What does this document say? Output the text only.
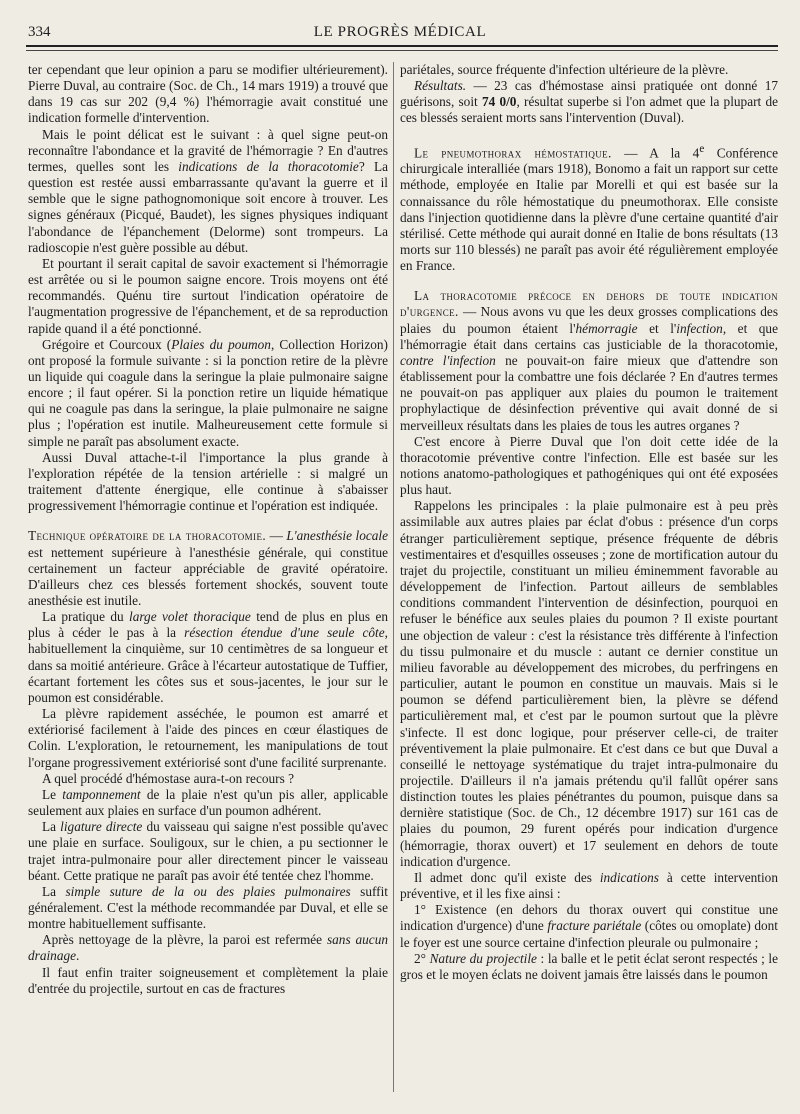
334	LE PROGRÈS MÉDICAL

ter cependant que leur opinion a paru se modifier ultérieurement). Pierre Duval, au contraire (Soc. de Ch., 14 mars 1919) a trouvé que dans 19 cas sur 202 (9,4 %) l'hémorragie avait constitué une indication formelle d'intervention.

Mais le point délicat est le suivant : à quel signe peut-on reconnaître l'abondance et la gravité de l'hémorragie ? En d'autres termes, quelles sont les indications de la thoracotomie? La question est restée aussi embarrassante qu'avant la guerre et il semble que le signe pathognomonique soit encore à trouver. Les signes généraux (Picqué, Baudet), les signes physiques indiquant l'abondance de l'épanchement (Delorme) sont trompeurs. La radioscopie n'est guère possible au début.

Et pourtant il serait capital de savoir exactement si l'hémorragie est arrêtée ou si le poumon saigne encore. Trois moyens ont été recommandés. Quénu tire surtout l'indication opératoire de l'augmentation progressive de l'épanchement, et de sa reproduction rapide quand il a été ponctionné.

Grégoire et Courcoux (Plaies du poumon, Collection Horizon) ont proposé la formule suivante : si la ponction retire de la plèvre un liquide qui coagule dans la seringue la plaie pulmonaire saigne encore ; il faut opérer. Si la ponction retire un liquide hématique qui ne coagule pas dans la seringue, la plaie pulmonaire ne saigne plus ; l'opération est inutile. Malheureusement cette formule si simple ne paraît pas absolument exacte.

Aussi Duval attache-t-il l'importance la plus grande à l'exploration répétée de la tension artérielle : si malgré un traitement d'attente énergique, elle continue à s'abaisser progressivement l'hémorragie continue et l'opération est indiquée.

Technique opératoire de la thoracotomie. — L'anesthésie locale est nettement supérieure à l'anesthésie générale, qui constitue certainement un facteur appréciable de gravité opératoire. D'ailleurs chez ces blessés fortement shockés, souvent toute anesthésie est inutile.

La pratique du large volet thoracique tend de plus en plus en plus à céder le pas à la résection étendue d'une seule côte, habituellement la cinquième, sur 10 centimètres de sa longueur et dans sa moitié antérieure. Grâce à l'écarteur autostatique de Tuffier, écartant fortement les côtes sus et sous-jacentes, le jour sur le poumon est considérable.

La plèvre rapidement asséchée, le poumon est amarré et extériorisé facilement à l'aide des pinces en cœur élastiques de Colin. L'exploration, le retournement, les manipulations de tout l'organe progressivement extériorisé sont d'une facilité surprenante.

A quel procédé d'hémostase aura-t-on recours ?

Le tamponnement de la plaie n'est qu'un pis aller, applicable seulement aux plaies en surface d'un poumon adhérent.

La ligature directe du vaisseau qui saigne n'est possible qu'avec une plaie en surface. Souligoux, sur le chien, a pu sectionner le trajet intra-pulmonaire pour aller directement pincer le vaisseau béant. Cette pratique ne paraît pas avoir été tentée chez l'homme.

La simple suture de la ou des plaies pulmonaires suffit généralement. C'est la méthode recommandée par Duval, et elle se montre habituellement suffisante.

Après nettoyage de la plèvre, la paroi est refermée sans aucun drainage.

Il faut enfin traiter soigneusement et complètement la plaie d'entrée du projectile, surtout en cas de fractures

pariétales, source fréquente d'infection ultérieure de la plèvre.

Résultats. — 23 cas d'hémostase ainsi pratiquée ont donné 17 guérisons, soit 74 0/0, résultat superbe si l'on admet que la plupart de ces blessés seraient morts sans l'intervention (Duval).

Le pneumothorax hémostatique. — A la 4e Conférence chirurgicale interalliée (mars 1918), Bonomo a fait un rapport sur cette méthode, employée en Italie par Morelli et qui est basée sur la connaissance du rôle hémostatique du pneumothorax. Elle consiste dans l'injection quotidienne dans la plèvre d'une certaine quantité d'air stérilisé. Cette méthode qui aurait donné en Italie de bons résultats (13 morts sur 110 blessés) ne paraît pas avoir été régulièrement employée en France.

La thoracotomie précoce en dehors de toute indication d'urgence. — Nous avons vu que les deux grosses complications des plaies du poumon étaient l'hémorragie et l'infection, et que l'hémorragie était dans certains cas justiciable de la thoracotomie, contre l'infection ne pouvait-on faire mieux que d'attendre son établissement pour la combattre une fois déclarée ? En d'autres termes ne pouvait-on pas appliquer aux plaies du poumon le traitement prophylactique de désinfection préventive qui avait donné de si merveilleux résultats dans les plaies de tous les autres organes ?

C'est encore à Pierre Duval que l'on doit cette idée de la thoracotomie préventive contre l'infection. Elle est basée sur les notions anatomo-pathologiques et pathogéniques qui ont été exposées plus haut.

Rappelons les principales : la plaie pulmonaire est à peu près assimilable aux autres plaies par éclat d'obus : présence d'un corps étranger particulièrement septique, présence fréquente de débris vestimentaires et d'esquilles osseuses ; zone de mortification autour du trajet du projectile, constituant un milieu éminemment favorable au développement de l'infection. Partout ailleurs de semblables conditions commandent l'intervention de désinfection, pourquoi en refuser le bénéfice aux seules plaies du poumon ? Il existe pourtant une objection de valeur : c'est la résistance très différente à l'infection du tissu pulmonaire et du muscle : autant ce dernier constitue un milieu favorable au développement des microbes, du perfringens en particulier, autant le poumon en constitue un mauvais. Mais si le poumon se défend particulièrement bien, la plèvre se défend particulièrement mal, et c'est par le poumon surtout que la plèvre s'infecte. Il est donc logique, pour préserver celle-ci, de traiter préventivement la plaie pulmonaire. Et c'est dans ce but que Duval a conseillé le nettoyage systématique du trajet intra-pulmonaire du projectile. D'ailleurs il n'a jamais prétendu qu'il fallût opérer sans distinction toutes les plaies pénétrantes du poumon, puisque dans sa dernière statistique (Soc. de Ch., 12 décembre 1917) sur 161 cas de plaies du poumon, 29 furent opérés pour indication d'urgence (hémorragie, thorax ouvert) et 17 seulement en dehors de toute indication d'urgence.

Il admet donc qu'il existe des indications à cette intervention préventive, et il les fixe ainsi :

1° Existence (en dehors du thorax ouvert qui constitue une indication d'urgence) d'une fracture pariétale (côtes ou omoplate) dont le foyer est une source certaine d'infection pleurale ou pulmonaire ;

2° Nature du projectile : la balle et le petit éclat seront respectés ; le gros et le moyen éclats ne doivent jamais être laissés dans le poumon
